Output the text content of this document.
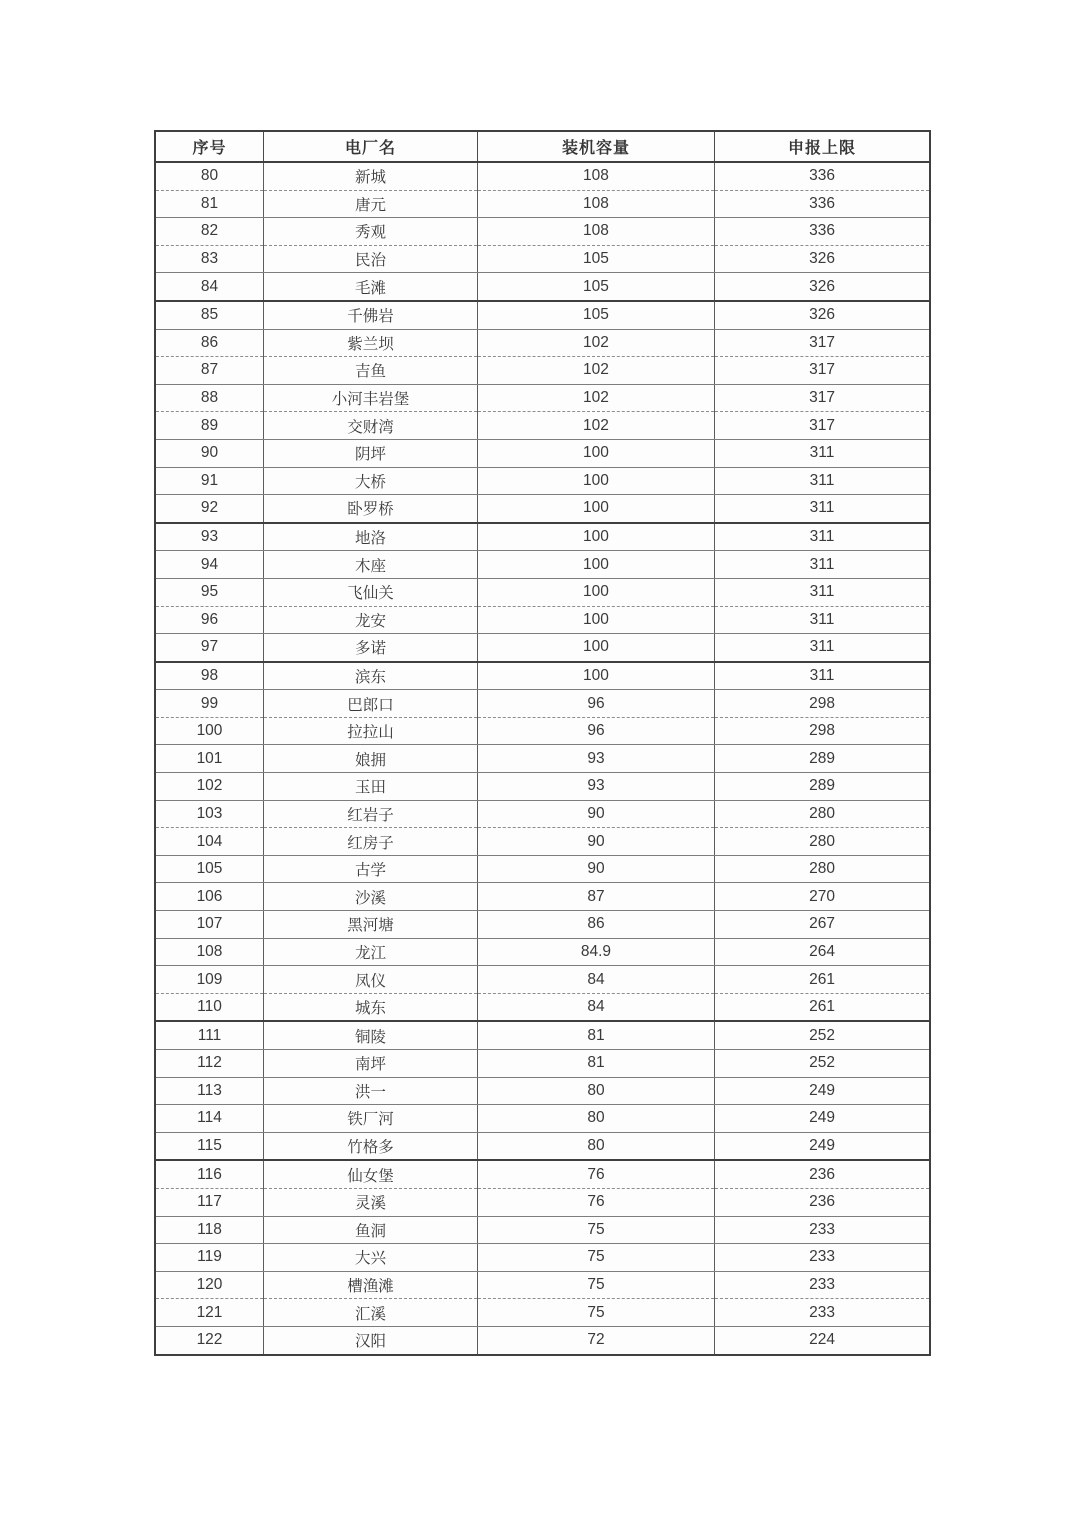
序号	电厂名	装机容量	申报上限
80	新城	108	336
81	唐元	108	336
82	秀观	108	336
83	民治	105	326
84	毛滩	105	326
85	千佛岩	105	326
86	紫兰坝	102	317
87	吉鱼	102	317
88	小河丰岩堡	102	317
89	交财湾	102	317
90	阴坪	100	311
91	大桥	100	311
92	卧罗桥	100	311
93	地洛	100	311
94	木座	100	311
95	飞仙关	100	311
96	龙安	100	311
97	多诺	100	311
98	滨东	100	311
99	巴郎口	96	298
100	拉拉山	96	298
101	娘拥	93	289
102	玉田	93	289
103	红岩子	90	280
104	红房子	90	280
105	古学	90	280
106	沙溪	87	270
107	黑河塘	86	267
108	龙江	84.9	264
109	凤仪	84	261
110	城东	84	261
111	铜陵	81	252
112	南坪	81	252
113	洪一	80	249
114	铁厂河	80	249
115	竹格多	80	249
116	仙女堡	76	236
117	灵溪	76	236
118	鱼洞	75	233
119	大兴	75	233
120	槽渔滩	75	233
121	汇溪	75	233
122	汉阳	72	224
